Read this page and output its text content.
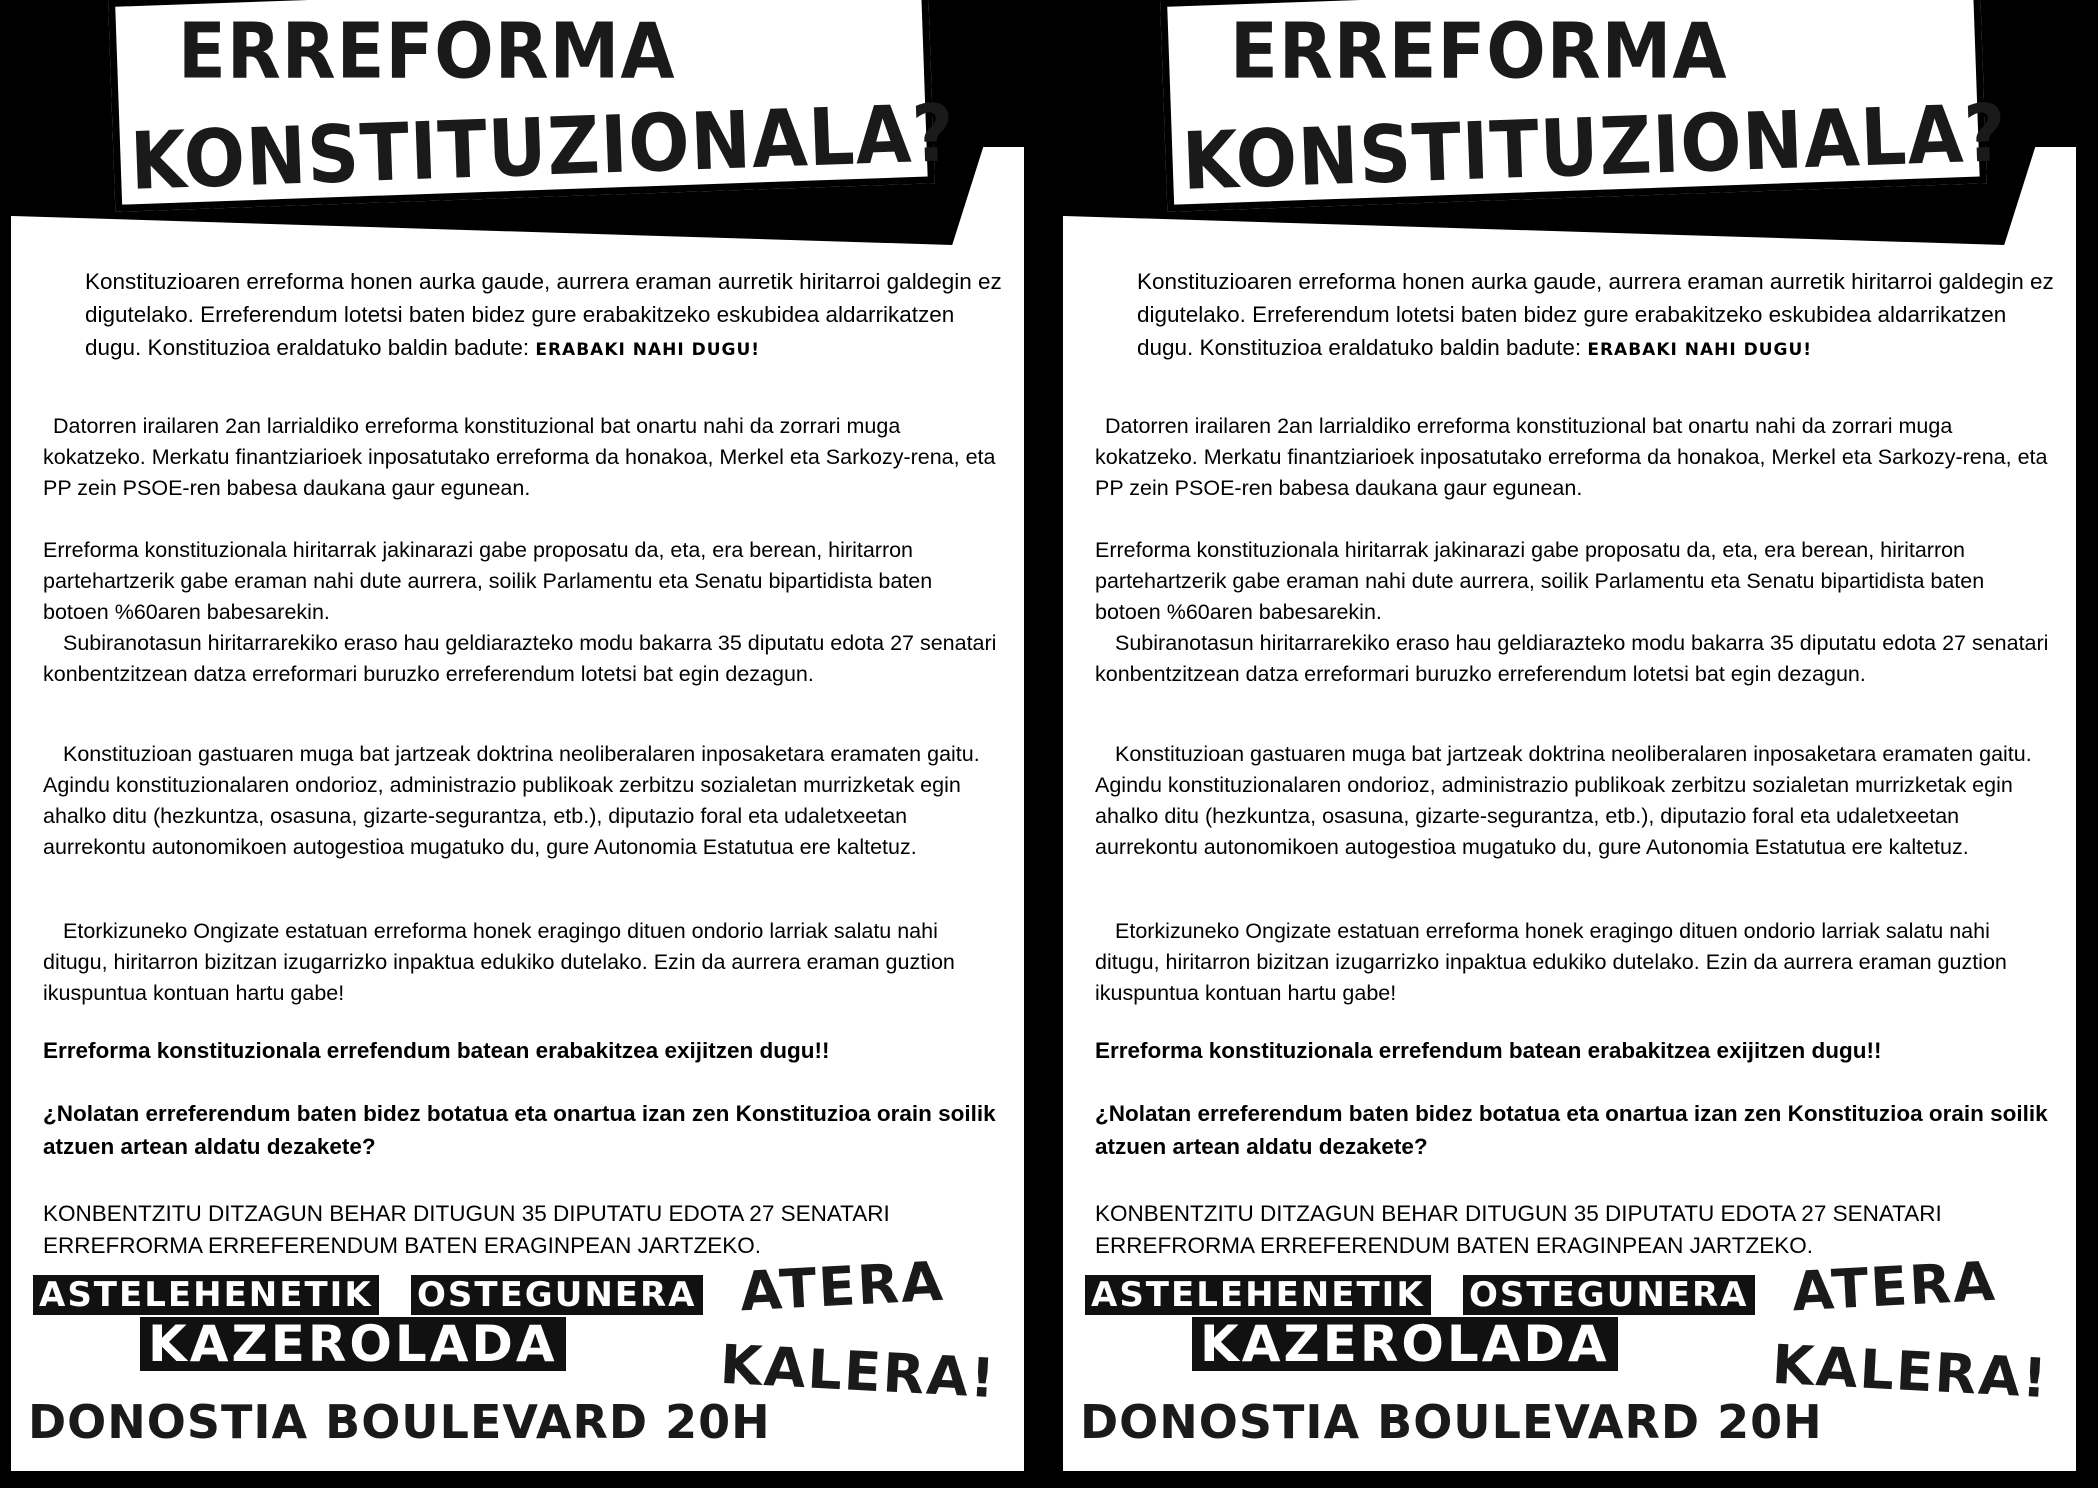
ERREFORMA
KONSTITUZIONALA?

Konstituzioaren erreforma honen aurka gaude, aurrera eraman aurretik hiritarroi galdegin ez digutelako. Erreferendum lotetsi baten bidez gure erabakitzeko eskubidea aldarrikatzen dugu. Konstituzioa eraldatuko baldin badute: ERABAKI NAHI DUGU!

Datorren irailaren 2an larrialdiko erreforma konstituzional bat onartu nahi da zorrari muga kokatzeko. Merkatu finantziarioek inposatutako erreforma da honakoa, Merkel eta Sarkozy-rena, eta PP zein PSOE-ren babesa daukana gaur egunean.

Erreforma konstituzionala hiritarrak jakinarazi gabe proposatu da, eta, era berean, hiritarron partehartzerik gabe eraman nahi dute aurrera, soilik Parlamentu eta Senatu bipartidista baten botoen %60aren babesarekin.

Subiranotasun hiritarrarekiko eraso hau geldiarazteko modu bakarra 35 diputatu edota 27 senatari konbentzitzean datza erreformari buruzko erreferendum lotetsi bat egin dezagun.

Konstituzioan gastuaren muga bat jartzeak doktrina neoliberalaren inposaketara eramaten gaitu. Agindu konstituzionalaren ondorioz, administrazio publikoak zerbitzu sozialetan murrizketak egin ahalko ditu (hezkuntza, osasuna, gizarte-segurantza, etb.), diputazio foral eta udaletxeetan aurrekontu autonomikoen autogestioa mugatuko du, gure Autonomia Estatutua ere kaltetuz.

Etorkizuneko Ongizate estatuan erreforma honek eragingo dituen ondorio larriak salatu nahi ditugu, hiritarron bizitzan izugarrizko inpaktua edukiko dutelako. Ezin da aurrera eraman guztion ikuspuntua kontuan hartu gabe!

Erreforma konstituzionala errefendum batean erabakitzea exijitzen dugu!!
¿Nolatan erreferendum baten bidez botatua eta onartua izan zen Konstituzioa orain soilik atzuen artean aldatu dezakete?
KONBENTZITU DITZAGUN BEHAR DITUGUN 35 DIPUTATU EDOTA 27 SENATARI ERREFRORMA ERREFERENDUM BATEN ERAGINPEAN JARTZEKO.
ASTELEHENETIK OSTEGUNERA
KAZEROLADA
DONOSTIA BOULEVARD 20H
ATERA
KALERA!
ERREFORMA
KONSTITUZIONALA?

Konstituzioaren erreforma honen aurka gaude, aurrera eraman aurretik hiritarroi galdegin ez digutelako. Erreferendum lotetsi baten bidez gure erabakitzeko eskubidea aldarrikatzen dugu. Konstituzioa eraldatuko baldin badute: ERABAKI NAHI DUGU!

Datorren irailaren 2an larrialdiko erreforma konstituzional bat onartu nahi da zorrari muga kokatzeko. Merkatu finantziarioek inposatutako erreforma da honakoa, Merkel eta Sarkozy-rena, eta PP zein PSOE-ren babesa daukana gaur egunean.

Erreforma konstituzionala hiritarrak jakinarazi gabe proposatu da, eta, era berean, hiritarron partehartzerik gabe eraman nahi dute aurrera, soilik Parlamentu eta Senatu bipartidista baten botoen %60aren babesarekin.

Subiranotasun hiritarrarekiko eraso hau geldiarazteko modu bakarra 35 diputatu edota 27 senatari konbentzitzean datza erreformari buruzko erreferendum lotetsi bat egin dezagun.

Konstituzioan gastuaren muga bat jartzeak doktrina neoliberalaren inposaketara eramaten gaitu. Agindu konstituzionalaren ondorioz, administrazio publikoak zerbitzu sozialetan murrizketak egin ahalko ditu (hezkuntza, osasuna, gizarte-segurantza, etb.), diputazio foral eta udaletxeetan aurrekontu autonomikoen autogestioa mugatuko du, gure Autonomia Estatutua ere kaltetuz.

Etorkizuneko Ongizate estatuan erreforma honek eragingo dituen ondorio larriak salatu nahi ditugu, hiritarron bizitzan izugarrizko inpaktua edukiko dutelako. Ezin da aurrera eraman guztion ikuspuntua kontuan hartu gabe!

Erreforma konstituzionala errefendum batean erabakitzea exijitzen dugu!!
¿Nolatan erreferendum baten bidez botatua eta onartua izan zen Konstituzioa orain soilik atzuen artean aldatu dezakete?
KONBENTZITU DITZAGUN BEHAR DITUGUN 35 DIPUTATU EDOTA 27 SENATARI ERREFRORMA ERREFERENDUM BATEN ERAGINPEAN JARTZEKO.
ASTELEHENETIK OSTEGUNERA
KAZEROLADA
DONOSTIA BOULEVARD 20H
ATERA
KALERA!
